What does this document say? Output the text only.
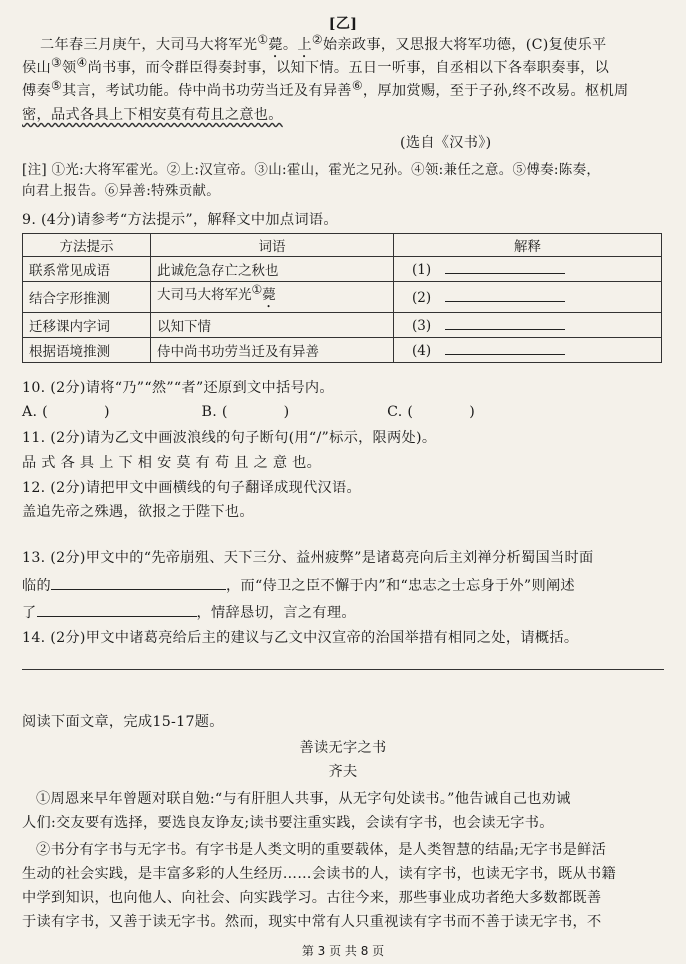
[乙]
二年春三月庚午，大司马大将军光①薨。上②始亲政事，又思报大将军功德，(C)复使乐平
侯山③领④尚书事，而令群臣得奏封事，以知下情。五日一听事，自丞相以下各奉职奏事，以
傅奏⑤其言，考试功能。侍中尚书功劳当迁及有异善⑥，厚加赏赐，至于子孙,终不改易。枢机周
密，品式各具上下相安莫有苟且之意也。
(选自《汉书》)
[注] ①光:大将军霍光。②上:汉宣帝。③山:霍山，霍光之兄孙。④领:兼任之意。⑤傅奏:陈奏，
向君上报告。⑥异善:特殊贡献。
9. (4分)请参考“方法提示”，解释文中加点词语。
方法提示	词语	解释
联系常见成语	此诚危急存亡之秋也	(1)
结合字形推测	大司马大将军光①薨	(2)
迁移课内字词	以知下情	(3)
根据语境推测	侍中尚书功劳当迁及有异善	(4)
10. (2分)请将“乃”“然”“者”还原到文中括号内。
A. (	)	B. (	)	C. (	)
11. (2分)请为乙文中画波浪线的句子断句(用“/”标示，限两处)。
品 式 各 具 上 下 相 安 莫 有 苟 且 之 意 也。
12. (2分)请把甲文中画横线的句子翻译成现代汉语。
盖追先帝之殊遇，欲报之于陛下也。
13. (2分)甲文中的“先帝崩殂、天下三分、益州疲弊”是诸葛亮向后主刘禅分析蜀国当时面
临的	，而“侍卫之臣不懈于内”和“忠志之士忘身于外”则阐述
了	，情辞恳切，言之有理。
14. (2分)甲文中诸葛亮给后主的建议与乙文中汉宣帝的治国举措有相同之处，请概括。
阅读下面文章，完成15-17题。
善读无字之书
齐夫
①周恩来早年曾题对联自勉:“与有肝胆人共事，从无字句处读书。”他告诫自己也劝诫
人们:交友要有选择，要选良友诤友;读书要注重实践，会读有字书，也会读无字书。
②书分有字书与无字书。有字书是人类文明的重要载体，是人类智慧的结晶;无字书是鲜活
生动的社会实践，是丰富多彩的人生经历……会读书的人，读有字书，也读无字书，既从书籍
中学到知识，也向他人、向社会、向实践学习。古往今来，那些事业成功者绝大多数都既善
于读有字书，又善于读无字书。然而，现实中常有人只重视读有字书而不善于读无字书，不
第 3 页 共 8 页
